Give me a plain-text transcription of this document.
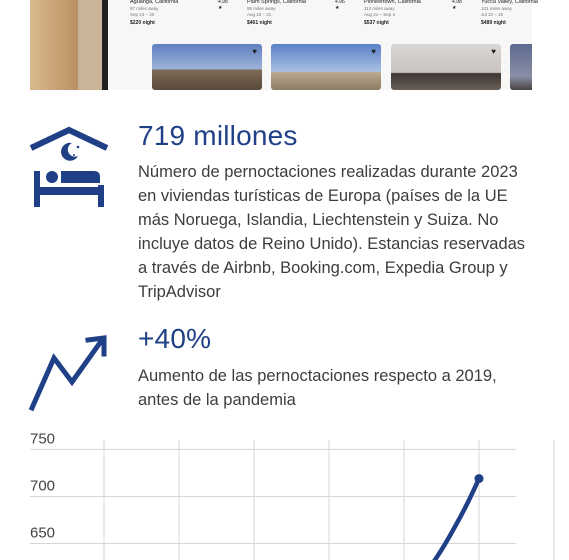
Aguanga, California	4.98 ★
87 miles away
Sep 23 – 30
$220 night
Palm Springs, California	4.96 ★
95 miles away
Aug 16 – 21
$461 night
Pioneertown, California	4.98 ★
112 miles away
Aug 21 – Sep 3
$537 night
Yucca Valley, California
101 miles away
Jul 10 – 15
$489 night
♥	♥	♥

719 millones

Número de pernoctaciones realizadas durante 2023 en viviendas turísticas de Europa (países de la UE más Noruega, Islandia, Liechtenstein y Suiza. No incluye datos de Reino Unido). Estancias reservadas a través de Airbnb, Booking.com, Expedia Group y TripAdvisor

+40%

Aumento de las pernoctaciones respecto a 2019, antes de la pandemia

750
700
650
